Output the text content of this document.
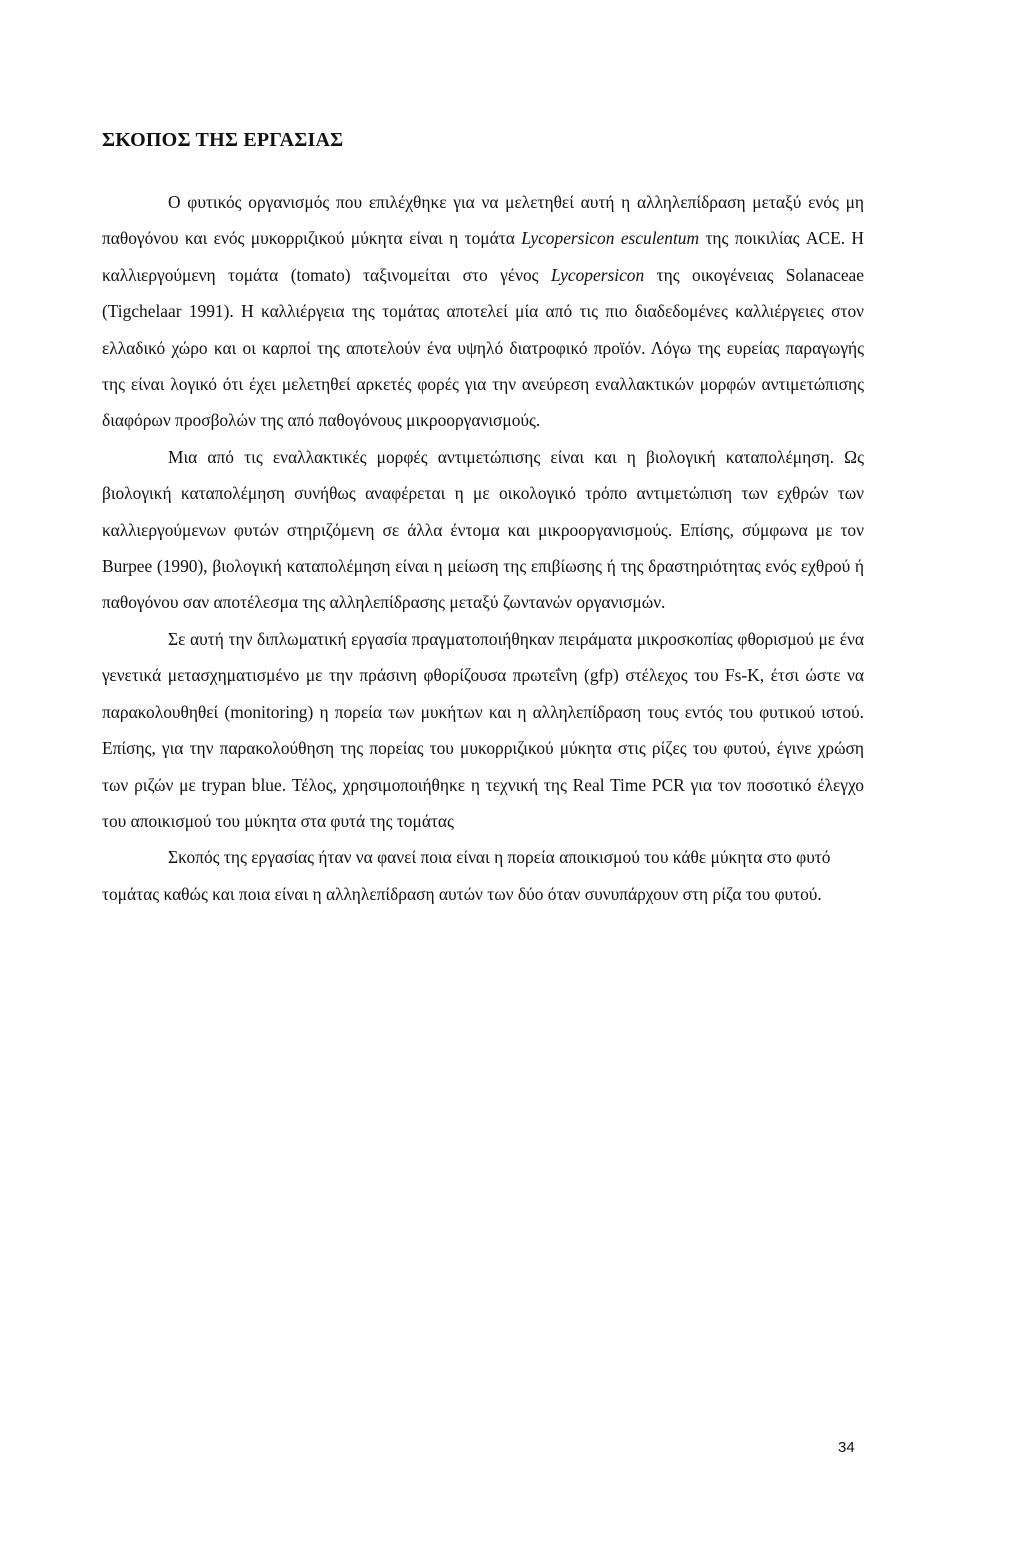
ΣΚΟΠΟΣ ΤΗΣ ΕΡΓΑΣΙΑΣ

Ο φυτικός οργανισμός που επιλέχθηκε για να μελετηθεί αυτή η αλληλεπίδραση μεταξύ ενός μη παθογόνου και ενός μυκορριζικού μύκητα είναι η τομάτα Lycopersicon esculentum της ποικιλίας ACE. Η καλλιεργούμενη τομάτα (tomato) ταξινομείται στο γένος Lycopersicon της οικογένειας Solanaceae (Tigchelaar 1991). Η καλλιέργεια της τομάτας αποτελεί μία από τις πιο διαδεδομένες καλλιέργειες στον ελλαδικό χώρο και οι καρποί της αποτελούν ένα υψηλό διατροφικό προϊόν. Λόγω της ευρείας παραγωγής της είναι λογικό ότι έχει μελετηθεί αρκετές φορές για την ανεύρεση εναλλακτικών μορφών αντιμετώπισης διαφόρων προσβολών της από παθογόνους μικροοργανισμούς.

Μια από τις εναλλακτικές μορφές αντιμετώπισης είναι και η βιολογική καταπολέμηση. Ως βιολογική καταπολέμηση συνήθως αναφέρεται η με οικολογικό τρόπο αντιμετώπιση των εχθρών των καλλιεργούμενων φυτών στηριζόμενη σε άλλα έντομα και μικροοργανισμούς. Επίσης, σύμφωνα με τον Burpee (1990), βιολογική καταπολέμηση είναι η μείωση της επιβίωσης ή της δραστηριότητας ενός εχθρού ή παθογόνου σαν αποτέλεσμα της αλληλεπίδρασης μεταξύ ζωντανών οργανισμών.

Σε αυτή την διπλωματική εργασία πραγματοποιήθηκαν πειράματα μικροσκοπίας φθορισμού με ένα γενετικά μετασχηματισμένο με την πράσινη φθορίζουσα πρωτεΐνη (gfp) στέλεχος του Fs-K, έτσι ώστε να παρακολουθηθεί (monitoring) η πορεία των μυκήτων και η αλληλεπίδραση τους εντός του φυτικού ιστού. Επίσης, για την παρακολούθηση της πορείας του μυκορριζικού μύκητα στις ρίζες του φυτού, έγινε χρώση των ριζών με trypan blue. Τέλος, χρησιμοποιήθηκε η τεχνική της Real Time PCR για τον ποσοτικό έλεγχο του αποικισμού του μύκητα στα φυτά της τομάτας

Σκοπός της εργασίας ήταν να φανεί ποια είναι η πορεία αποικισμού του κάθε μύκητα στο φυτό τομάτας καθώς και ποια είναι η αλληλεπίδραση αυτών των δύο όταν συνυπάρχουν στη ρίζα του φυτού.

34
